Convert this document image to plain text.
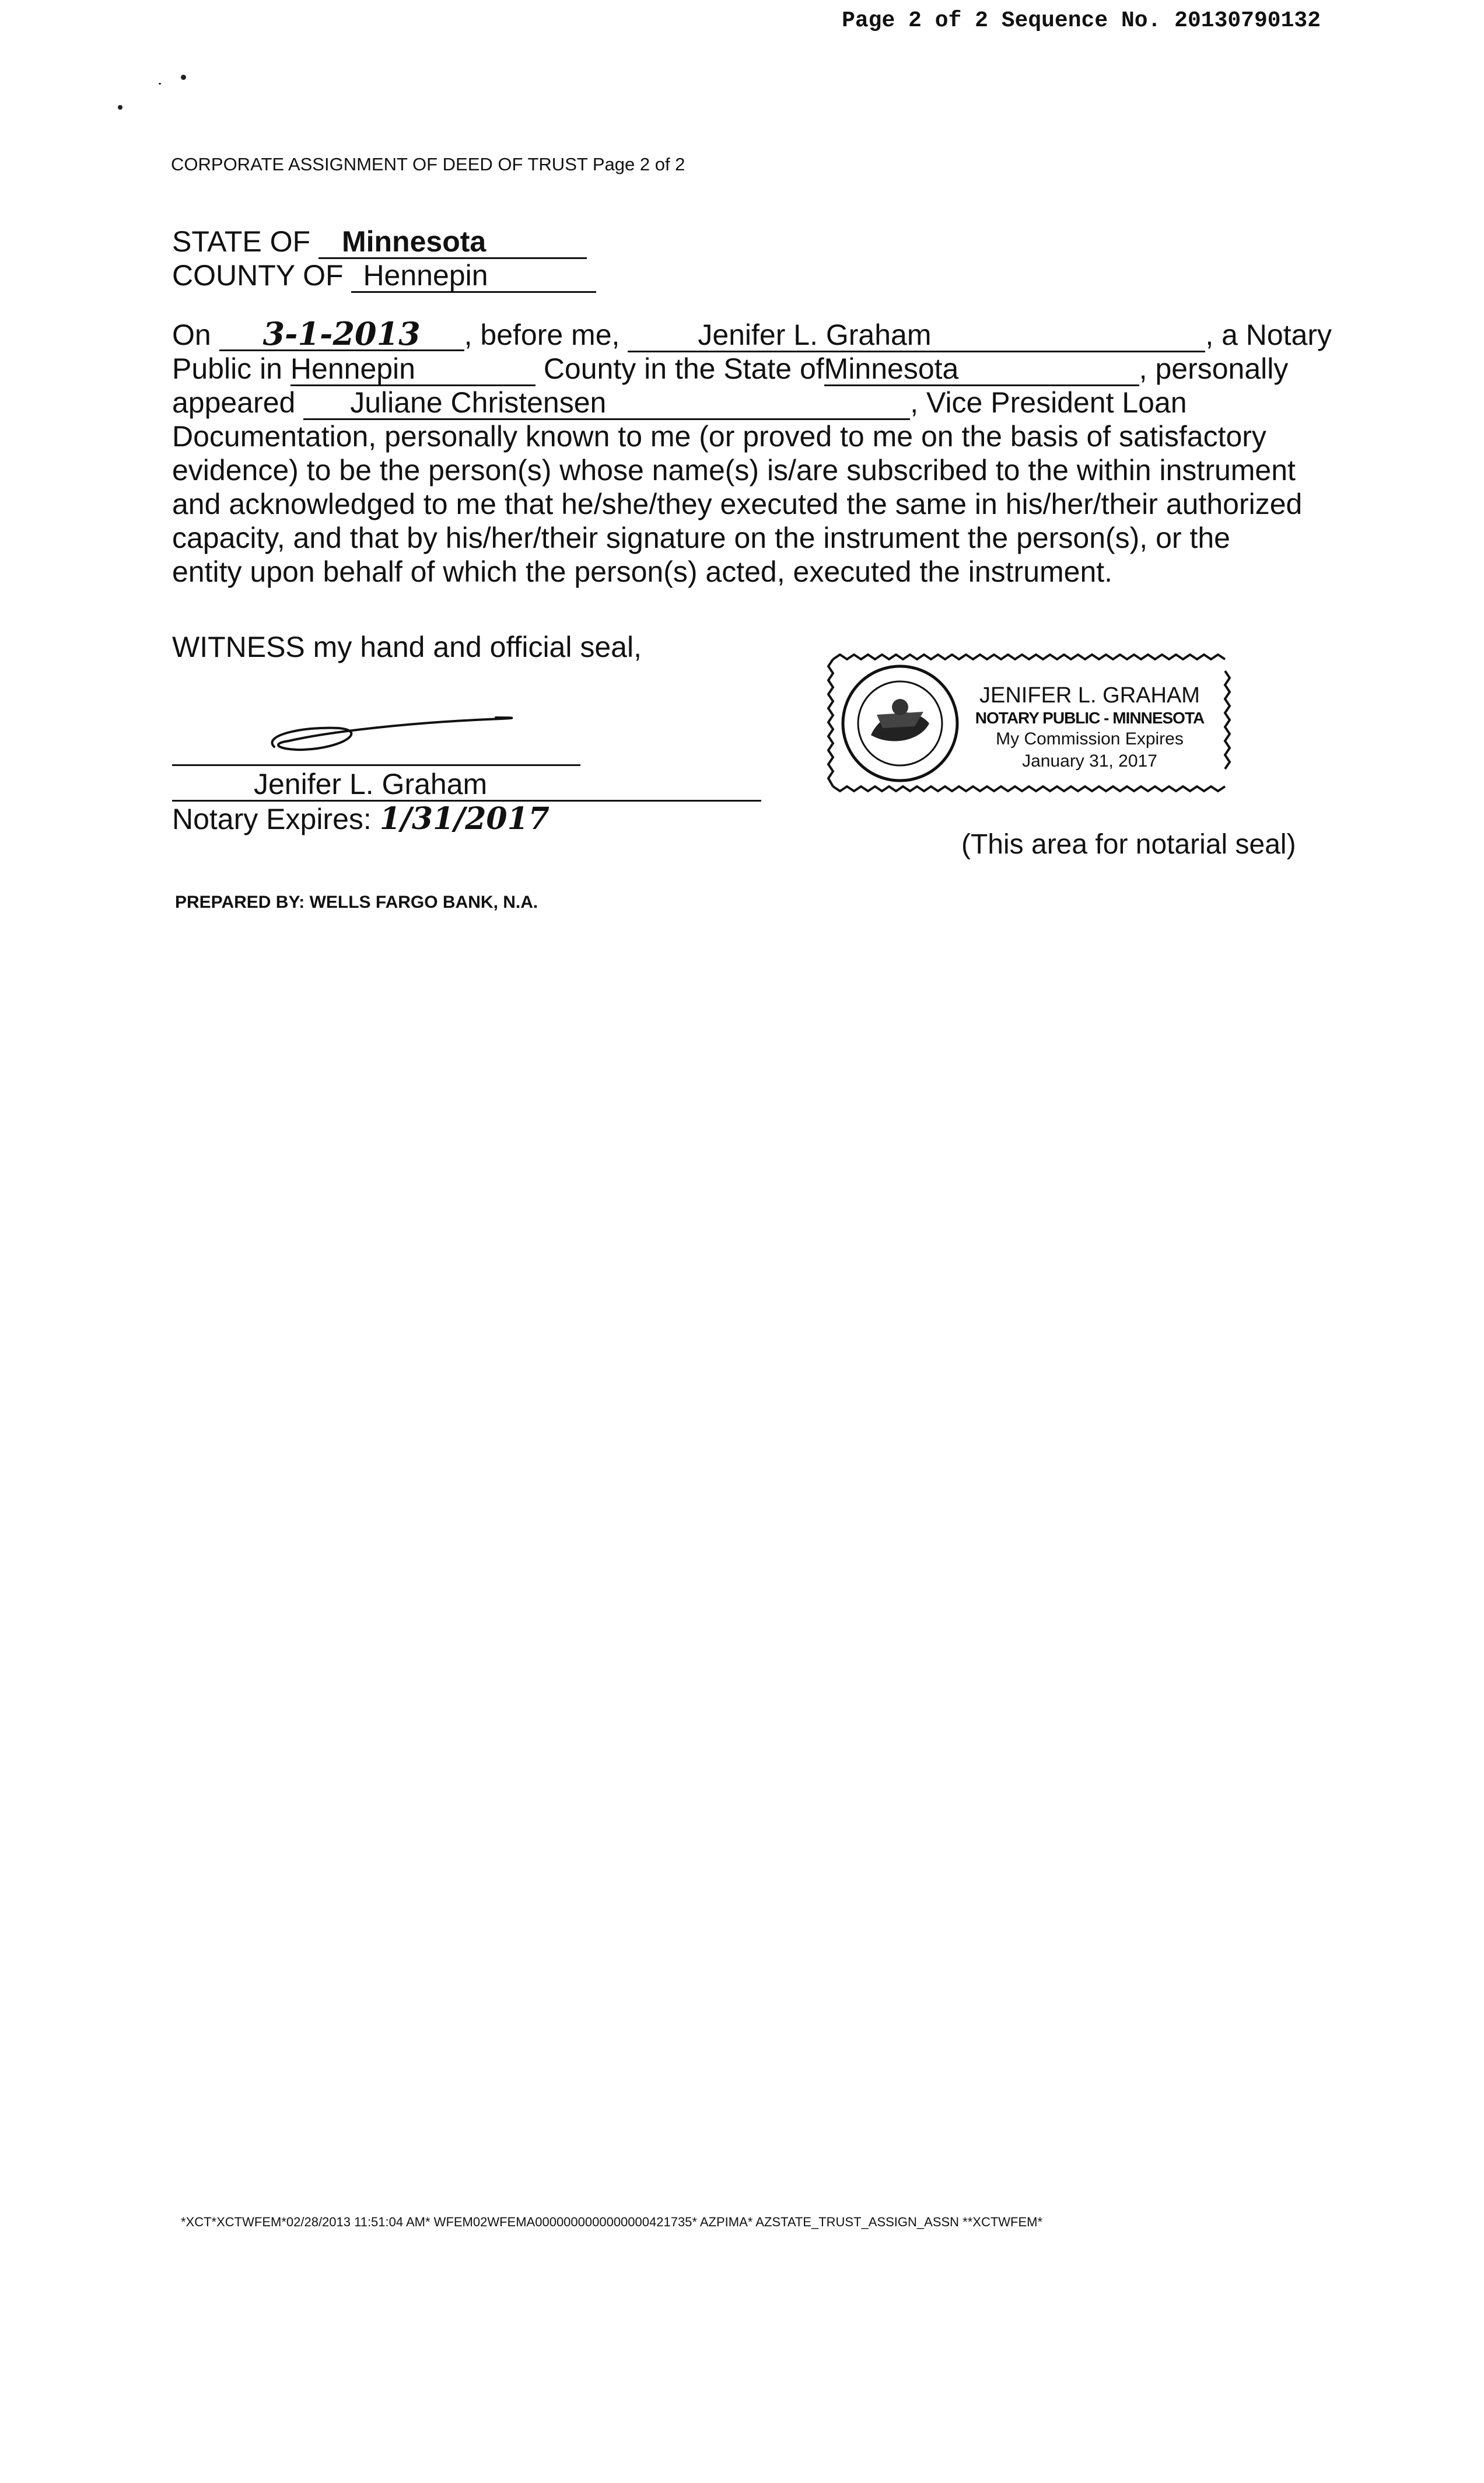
Page 2 of 2 Sequence No. 20130790132
CORPORATE ASSIGNMENT OF DEED OF TRUST Page 2 of 2
STATE OF Minnesota
COUNTY OF Hennepin
On 3-1-2013 , before me,	Jenifer L. Graham	, a Notary
Public in Hennepin	County in the State ofMinnesota	, personally
appeared Juliane Christensen	, Vice President Loan
Documentation, personally known to me (or proved to me on the basis of satisfactory
evidence) to be the person(s) whose name(s) is/are subscribed to the within instrument
and acknowledged to me that he/she/they executed the same in his/her/their authorized
capacity, and that by his/her/their signature on the instrument the person(s), or the
entity upon behalf of which the person(s) acted, executed the instrument.
WITNESS my hand and official seal,
Jenifer L. Graham
Notary Expires: 1/31/2017
JENIFER L. GRAHAM
NOTARY PUBLIC - MINNESOTA
My Commission Expires
January 31, 2017
(This area for notarial seal)
PREPARED BY: WELLS FARGO BANK, N.A.
*XCT*XCTWFEM*02/28/2013 11:51:04 AM* WFEM02WFEMA0000000000000000421735* AZPIMA* AZSTATE_TRUST_ASSIGN_ASSN **XCTWFEM*
